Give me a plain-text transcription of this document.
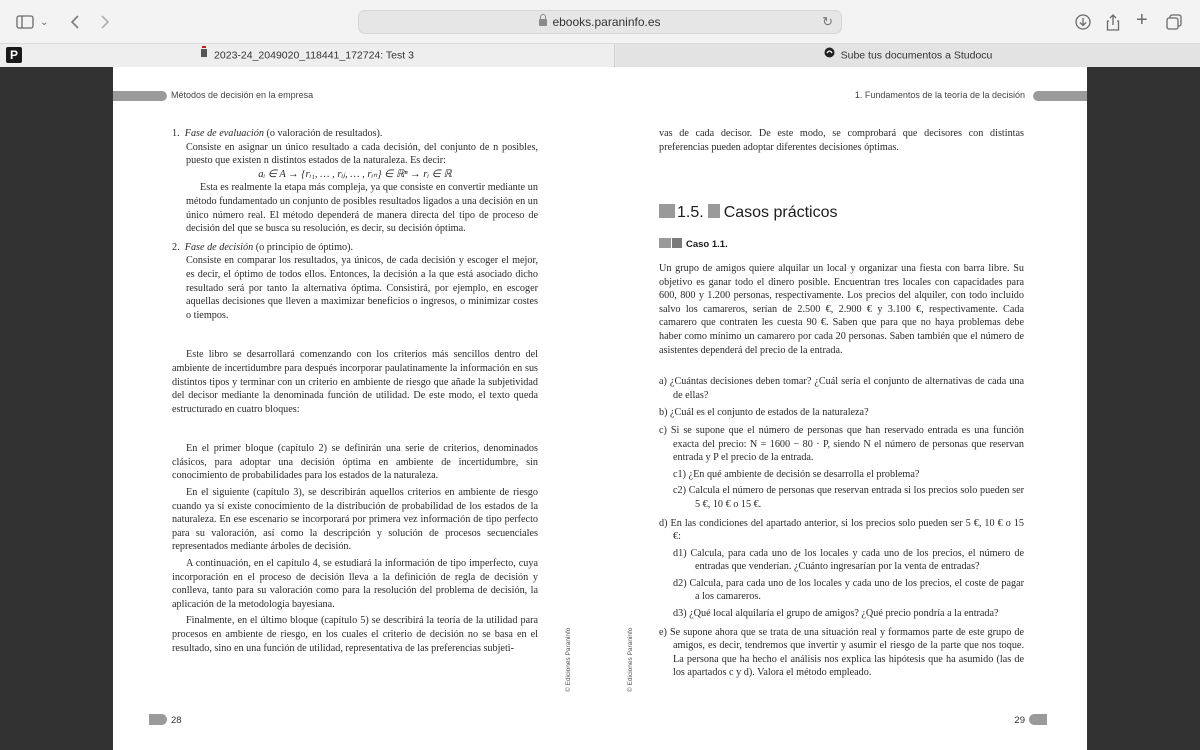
⌄	ebooks.paraninfo.es	↻	+
2023-24_2049020_118441_172724: Test 3	Sube tus documentos a Studocu
P
Métodos de decisión en la empresa	1. Fundamentos de la teoría de la decisión

1. Fase de evaluación (o valoración de resultados).

Consiste en asignar un único resultado a cada decisión, del conjunto de n posibles, puesto que existen n distintos estados de la naturaleza. Es decir:

aᵢ ∈ A → {rᵢ₁, … , rᵢⱼ, … , rᵢₙ} ∈ ℝⁿ → rᵢ ∈ ℝ

Esta es realmente la etapa más compleja, ya que consiste en convertir mediante un método fundamentado un conjunto de posibles resultados ligados a una decisión en un único número real. El método dependerá de manera directa del tipo de proceso de decisión del que se busca su resolución, es decir, su decisión óptima.

2. Fase de decisión (o principio de óptimo).

Consiste en comparar los resultados, ya únicos, de cada decisión y escoger el mejor, es decir, el óptimo de todos ellos. Entonces, la decisión a la que está asociado dicho resultado será por tanto la alternativa óptima. Consistirá, por ejemplo, en escoger aquellas decisiones que lleven a maximizar beneficios o ingresos, o minimizar costes o tiempos.

Este libro se desarrollará comenzando con los criterios más sencillos dentro del ambiente de incertidumbre para después incorporar paulatinamente la información en sus distintos tipos y terminar con un criterio en ambiente de riesgo que añade la subjetividad del decisor mediante la denominada función de utilidad. De este modo, el texto queda estructurado en cuatro bloques:

En el primer bloque (capítulo 2) se definirán una serie de criterios, denominados clásicos, para adoptar una decisión óptima en ambiente de incertidumbre, sin conocimiento de probabilidades para los estados de la naturaleza.

En el siguiente (capítulo 3), se describirán aquellos criterios en ambiente de riesgo cuando ya sí existe conocimiento de la distribución de probabilidad de los estados de la naturaleza. En ese escenario se incorporará por primera vez información de tipo perfecto para su valoración, así como la descripción y solución de procesos secuenciales representados mediante árboles de decisión.

A continuación, en el capítulo 4, se estudiará la información de tipo imperfecto, cuya incorporación en el proceso de decisión lleva a la definición de regla de decisión y conlleva, tanto para su valoración como para la resolución del problema de decisión, la aplicación de la metodología bayesiana.

Finalmente, en el último bloque (capítulo 5) se describirá la teoría de la utilidad para procesos en ambiente de riesgo, en los cuales el criterio de decisión no se basa en el resultado, sino en una función de utilidad, representativa de las preferencias subjeti-

vas de cada decisor. De este modo, se comprobará que decisores con distintas preferencias pueden adoptar diferentes decisiones óptimas.

1.5. Casos prácticos
Caso 1.1.

Un grupo de amigos quiere alquilar un local y organizar una fiesta con barra libre. Su objetivo es ganar todo el dinero posible. Encuentran tres locales con capacidades para 600, 800 y 1.200 personas, respectivamente. Los precios del alquiler, con todo incluido salvo los camareros, serían de 2.500 €, 2.900 € y 3.100 €, respectivamente. Cada camarero que contraten les cuesta 90 €. Saben que para que no haya problemas debe haber como mínimo un camarero por cada 20 personas. Saben también que el número de asistentes dependerá del precio de la entrada.

a) ¿Cuántas decisiones deben tomar? ¿Cuál sería el conjunto de alternativas de cada una de ellas?

b) ¿Cuál es el conjunto de estados de la naturaleza?

c) Si se supone que el número de personas que han reservado entrada es una función exacta del precio: N = 1600 − 80 · P, siendo N el número de personas que reservan entrada y P el precio de la entrada.

c1) ¿En qué ambiente de decisión se desarrolla el problema?

c2) Calcula el número de personas que reservan entrada si los precios solo pueden ser 5 €, 10 € o 15 €.

d) En las condiciones del apartado anterior, si los precios solo pueden ser 5 €, 10 € o 15 €:

d1) Calcula, para cada uno de los locales y cada uno de los precios, el número de entradas que venderían. ¿Cuánto ingresarían por la venta de entradas?

d2) Calcula, para cada uno de los locales y cada uno de los precios, el coste de pagar a los camareros.

d3) ¿Qué local alquilaría el grupo de amigos? ¿Qué precio pondría a la entrada?

e) Se supone ahora que se trata de una situación real y formamos parte de este grupo de amigos, es decir, tendremos que invertir y asumir el riesgo de la parte que nos toque. La persona que ha hecho el análisis nos explica las hipótesis que ha asumido (las de los apartados c y d). Valora el método empleado.

© Ediciones Paraninfo	© Ediciones Paraninfo
28	29
